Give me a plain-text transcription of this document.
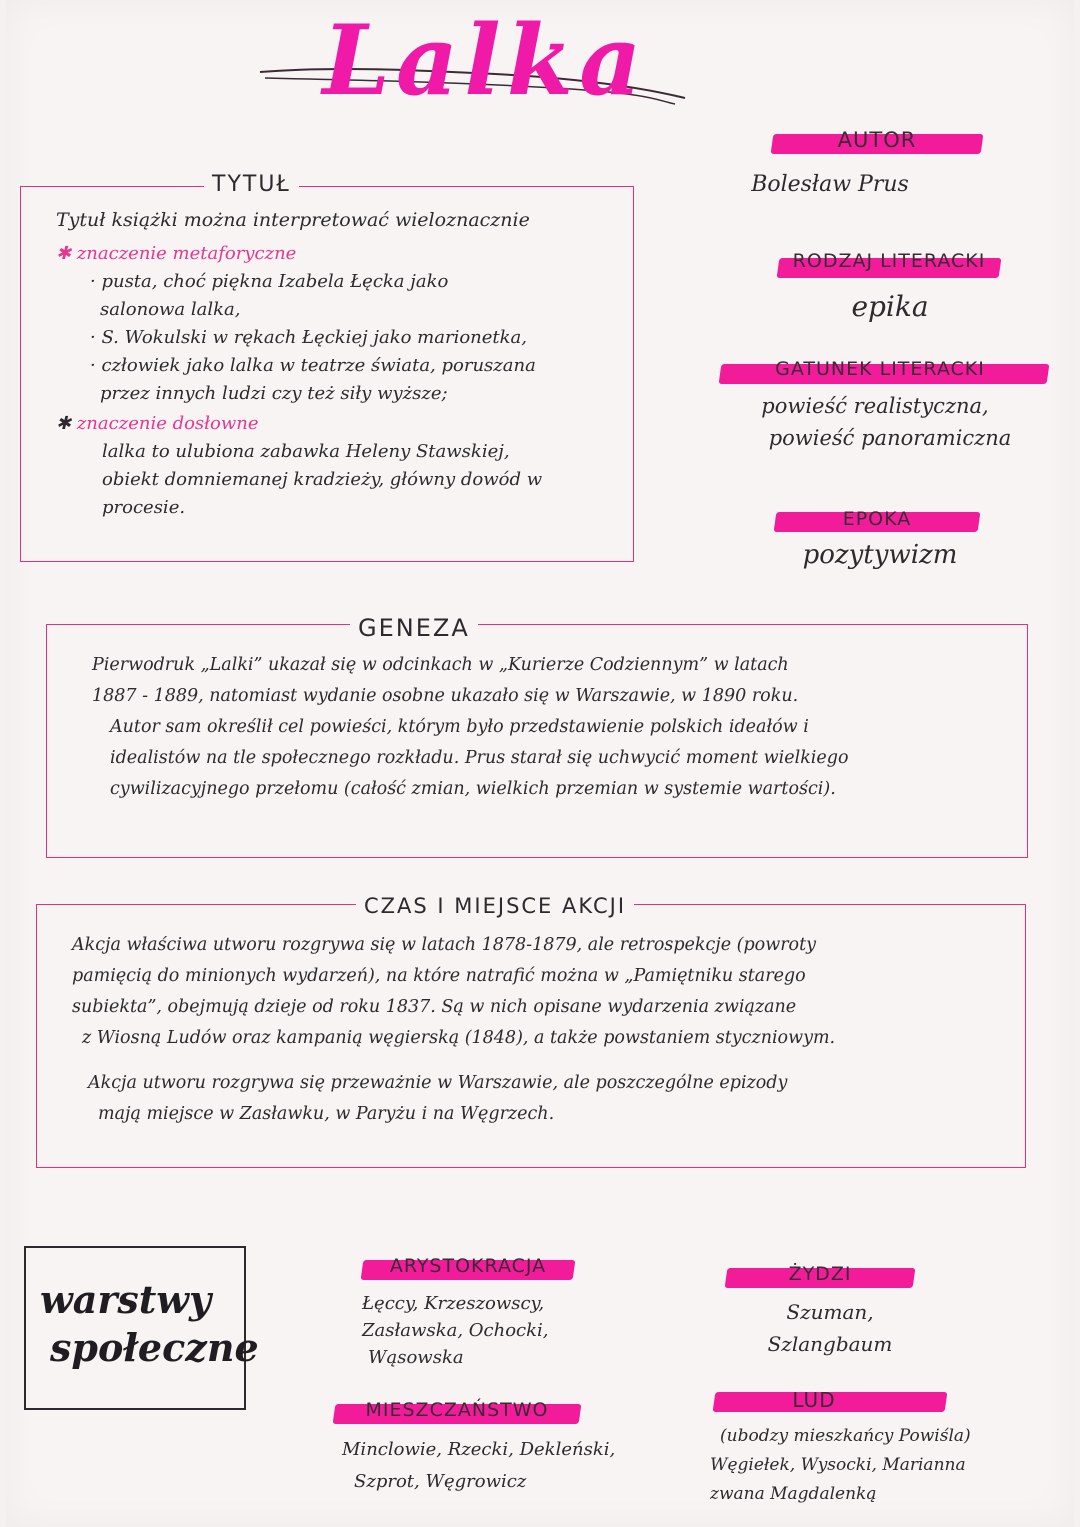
Lalka
TYTUŁ
Tytuł książki można interpretować wieloznacznie
✱ znaczenie metaforyczne
· pusta, choć piękna Izabela Łęcka jako
salonowa lalka,
· S. Wokulski w rękach Łęckiej jako marionetka,
· człowiek jako lalka w teatrze świata, poruszana
przez innych ludzi czy też siły wyższe;
✱ znaczenie dosłowne
lalka to ulubiona zabawka Heleny Stawskiej,
obiekt domniemanej kradzieży, główny dowód w
procesie.
AUTOR
Bolesław Prus
RODZAJ LITERACKI
epika
GATUNEK LITERACKI
powieść realistyczna,
powieść panoramiczna
EPOKA
pozytywizm
GENEZA
Pierwodruk „Lalki” ukazał się w odcinkach w „Kurierze Codziennym” w latach
1887 - 1889, natomiast wydanie osobne ukazało się w Warszawie, w 1890 roku.
Autor sam określił cel powieści, którym było przedstawienie polskich ideałów i
idealistów na tle społecznego rozkładu. Prus starał się uchwycić moment wielkiego
cywilizacyjnego przełomu (całość zmian, wielkich przemian w systemie wartości).
CZAS I MIEJSCE AKCJI
Akcja właściwa utworu rozgrywa się w latach 1878-1879, ale retrospekcje (powroty
pamięcią do minionych wydarzeń), na które natrafić można w „Pamiętniku starego
subiekta”, obejmują dzieje od roku 1837. Są w nich opisane wydarzenia związane
z Wiosną Ludów oraz kampanią węgierską (1848), a także powstaniem styczniowym.
Akcja utworu rozgrywa się przeważnie w Warszawie, ale poszczególne epizody
mają miejsce w Zasławku, w Paryżu i na Węgrzech.
warstwy
społeczne
ARYSTOKRACJA
Łęccy, Krzeszowscy,
Zasławska, Ochocki,
Wąsowska
MIESZCZAŃSTWO
Minclowie, Rzecki, Dekleński,
Szprot, Węgrowicz
ŻYDZI
Szuman,
Szlangbaum
LUD
(ubodzy mieszkańcy Powiśla)
Węgiełek, Wysocki, Marianna
zwana Magdalenką
